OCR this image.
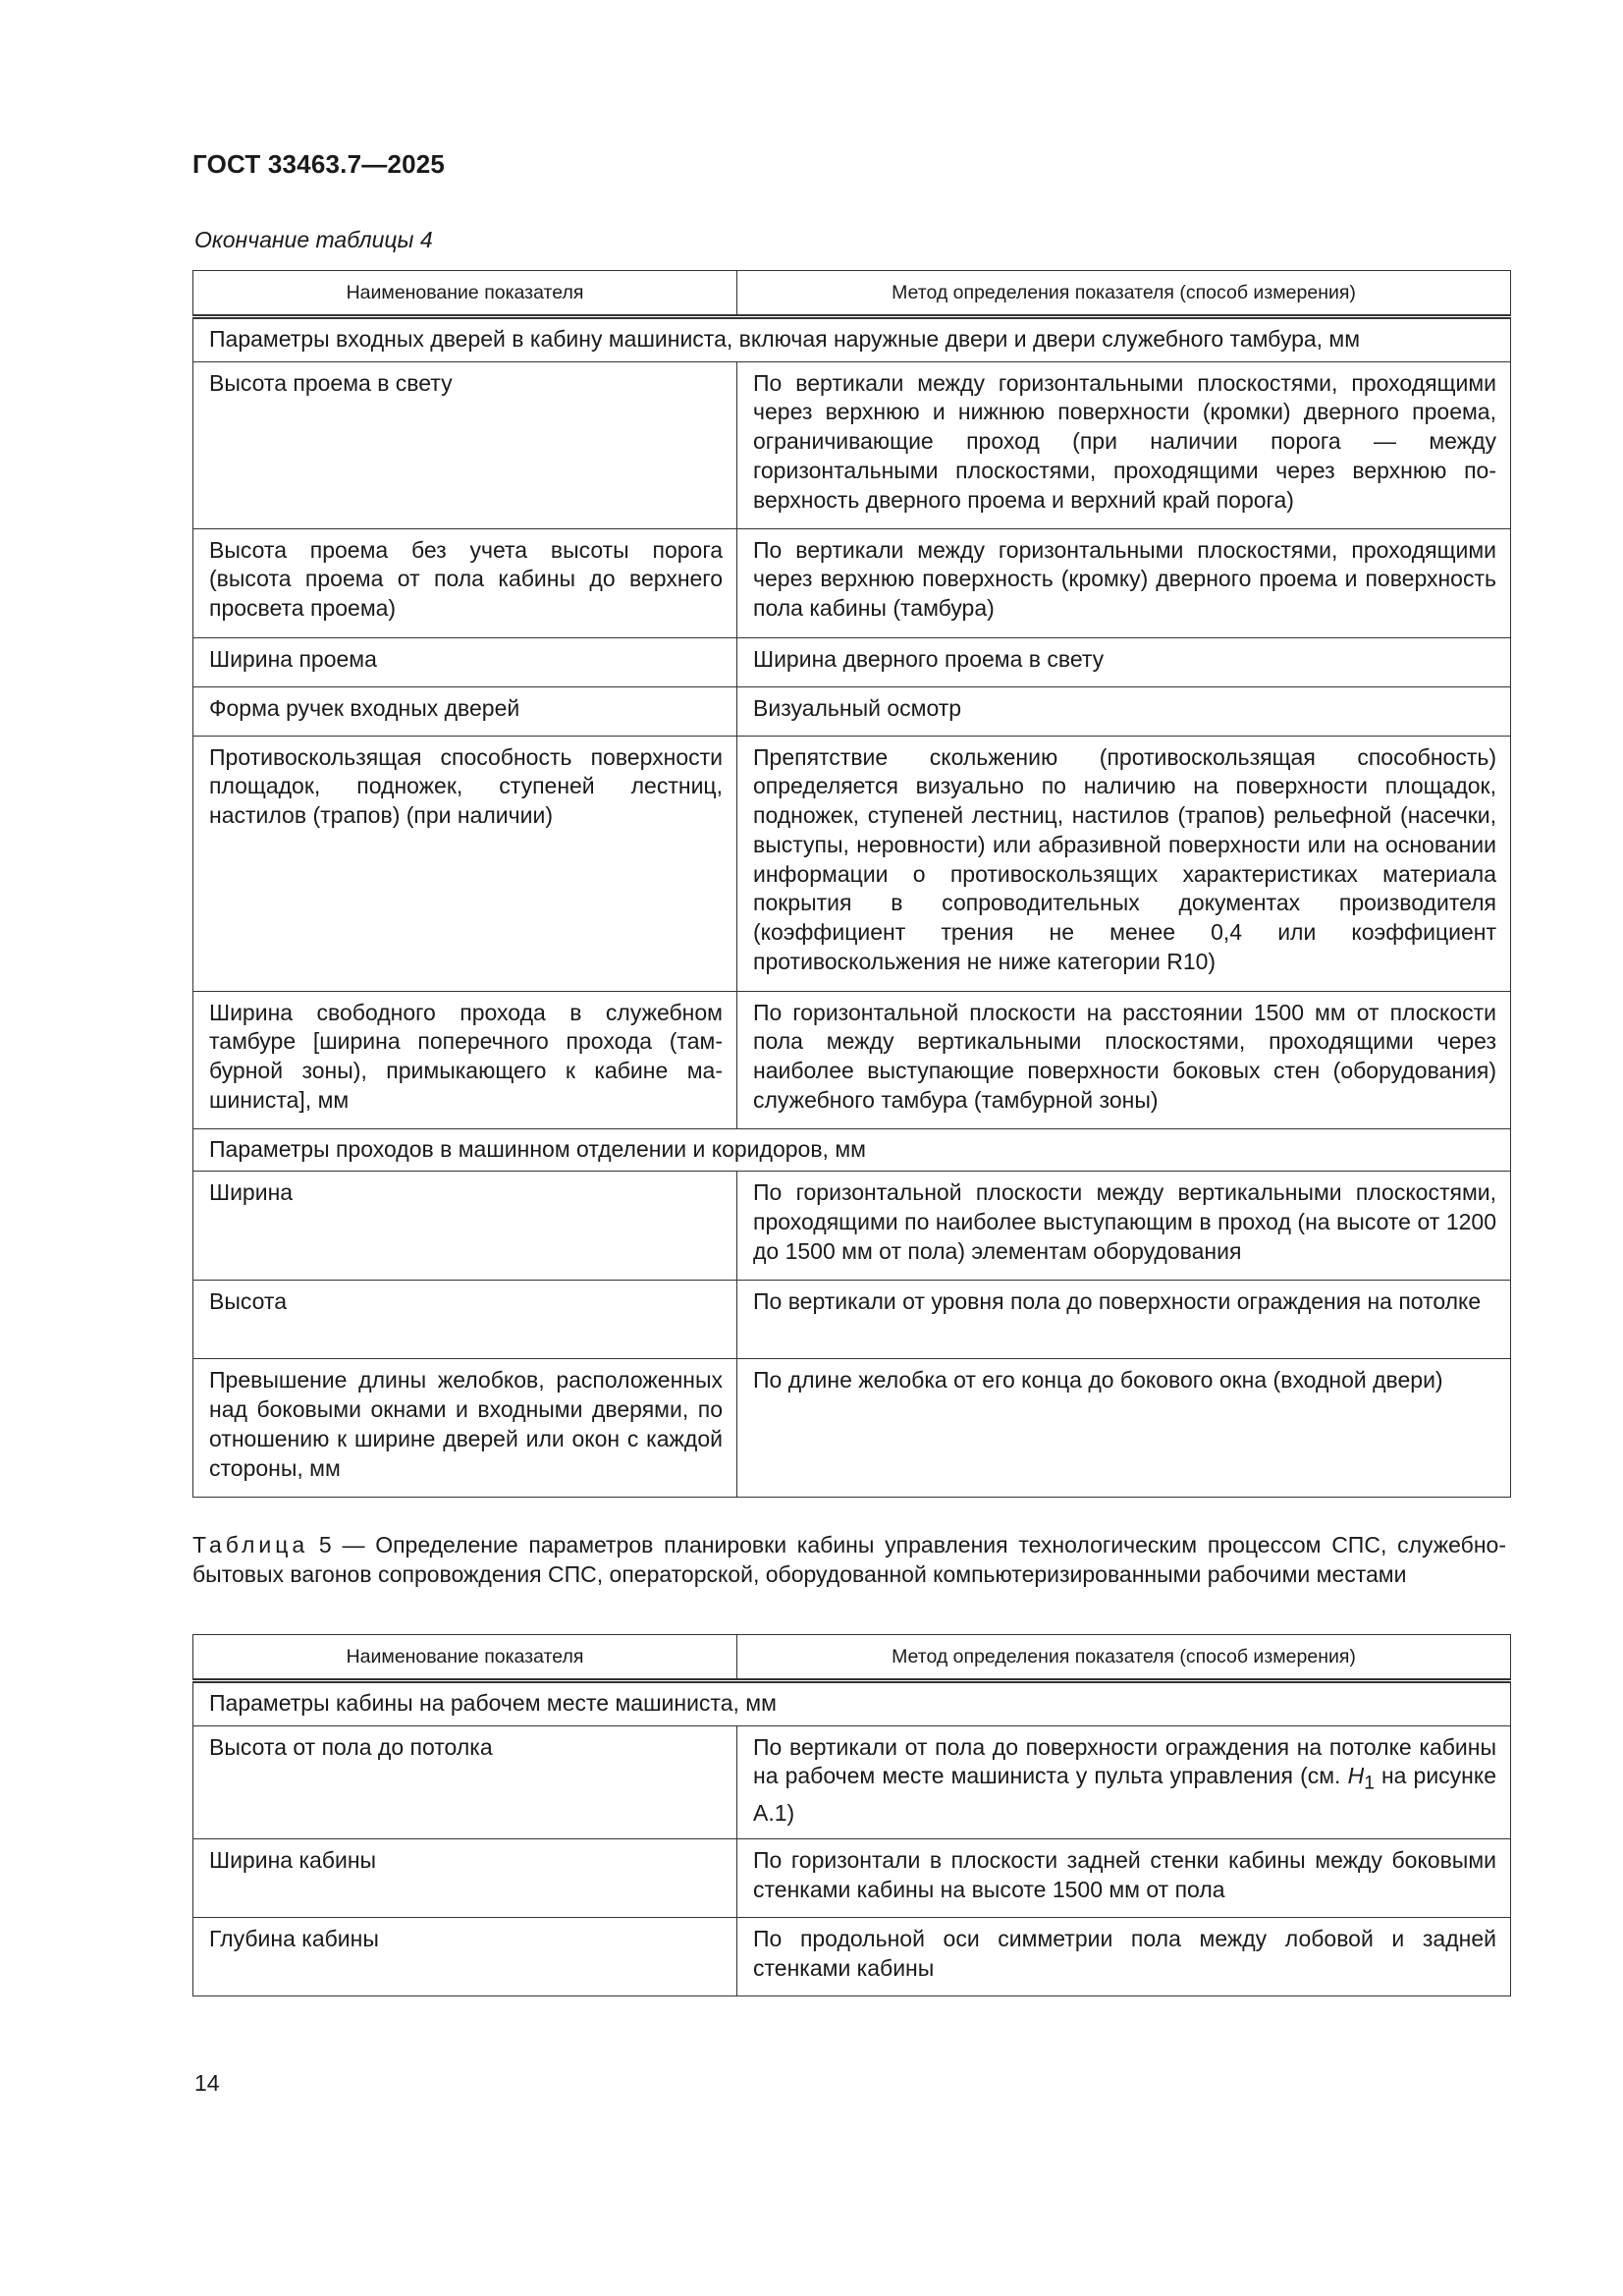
ГОСТ 33463.7—2025
Окончание таблицы 4
Наименование показателя	Метод определения показателя (способ измерения)
Параметры входных дверей в кабину машиниста, включая наружные двери и двери служебного тамбура, мм	
Высота проема в свету	По вертикали между горизонтальными плоскостями, проходящими через верхнюю и нижнюю поверхности (кромки) дверного проема, ограничивающие проход (при наличии порога — между горизонтальными плоскостями, проходящими через верхнюю поверхность дверного проема и верхний край порога)
Высота проема без учета высоты порога (высота проема от пола кабины до верхнего просвета проема)	По вертикали между горизонтальными плоскостями, проходящими через верхнюю поверхность (кромку) дверного проема и поверхность пола кабины (тамбура)
Ширина проема	Ширина дверного проема в свету
Форма ручек входных дверей	Визуальный осмотр
Противоскользящая способность поверхности площадок, подножек, ступеней лестниц, настилов (трапов) (при наличии)	Препятствие скольжению (противоскользящая способность) определяется визуально по наличию на поверхности площадок, подножек, ступеней лестниц, настилов (трапов) рельефной (насечки, выступы, неровности) или абразивной поверхности или на основании информации о противоскользящих характеристиках материала покрытия в сопроводительных документах производителя (коэффициент трения не менее 0,4 или коэффициент противоскольжения не ниже категории R10)
Ширина свободного прохода в служебном тамбуре [ширина поперечного прохода (тамбурной зоны), примыкающего к кабине машиниста], мм	По горизонтальной плоскости на расстоянии 1500 мм от плоскости пола между вертикальными плоскостями, проходящими через наиболее выступающие поверхности боковых стен (оборудования) служебного тамбура (тамбурной зоны)
Параметры проходов в машинном отделении и коридоров, мм	
Ширина	По горизонтальной плоскости между вертикальными плоскостями, проходящими по наиболее выступающим в проход (на высоте от 1200 до 1500 мм от пола) элементам оборудования
Высота	По вертикали от уровня пола до поверхности ограждения на потолке
Превышение длины желобков, расположенных над боковыми окнами и входными дверями, по отношению к ширине дверей или окон с каждой стороны, мм	По длине желобка от его конца до бокового окна (входной двери)
Таблица 5 — Определение параметров планировки кабины управления технологическим процессом СПС, служебно-бытовых вагонов сопровождения СПС, операторской, оборудованной компьютеризированными рабочими местами
Наименование показателя	Метод определения показателя (способ измерения)
Параметры кабины на рабочем месте машиниста, мм	
Высота от пола до потолка	По вертикали от пола до поверхности ограждения на потолке кабины на рабочем месте машиниста у пульта управления (см. $H_1$ на рисунке А.1)
Ширина кабины	По горизонтали в плоскости задней стенки кабины между боковыми стенками кабины на высоте 1500 мм от пола
Глубина кабины	По продольной оси симметрии пола между лобовой и задней стенками кабины
14
